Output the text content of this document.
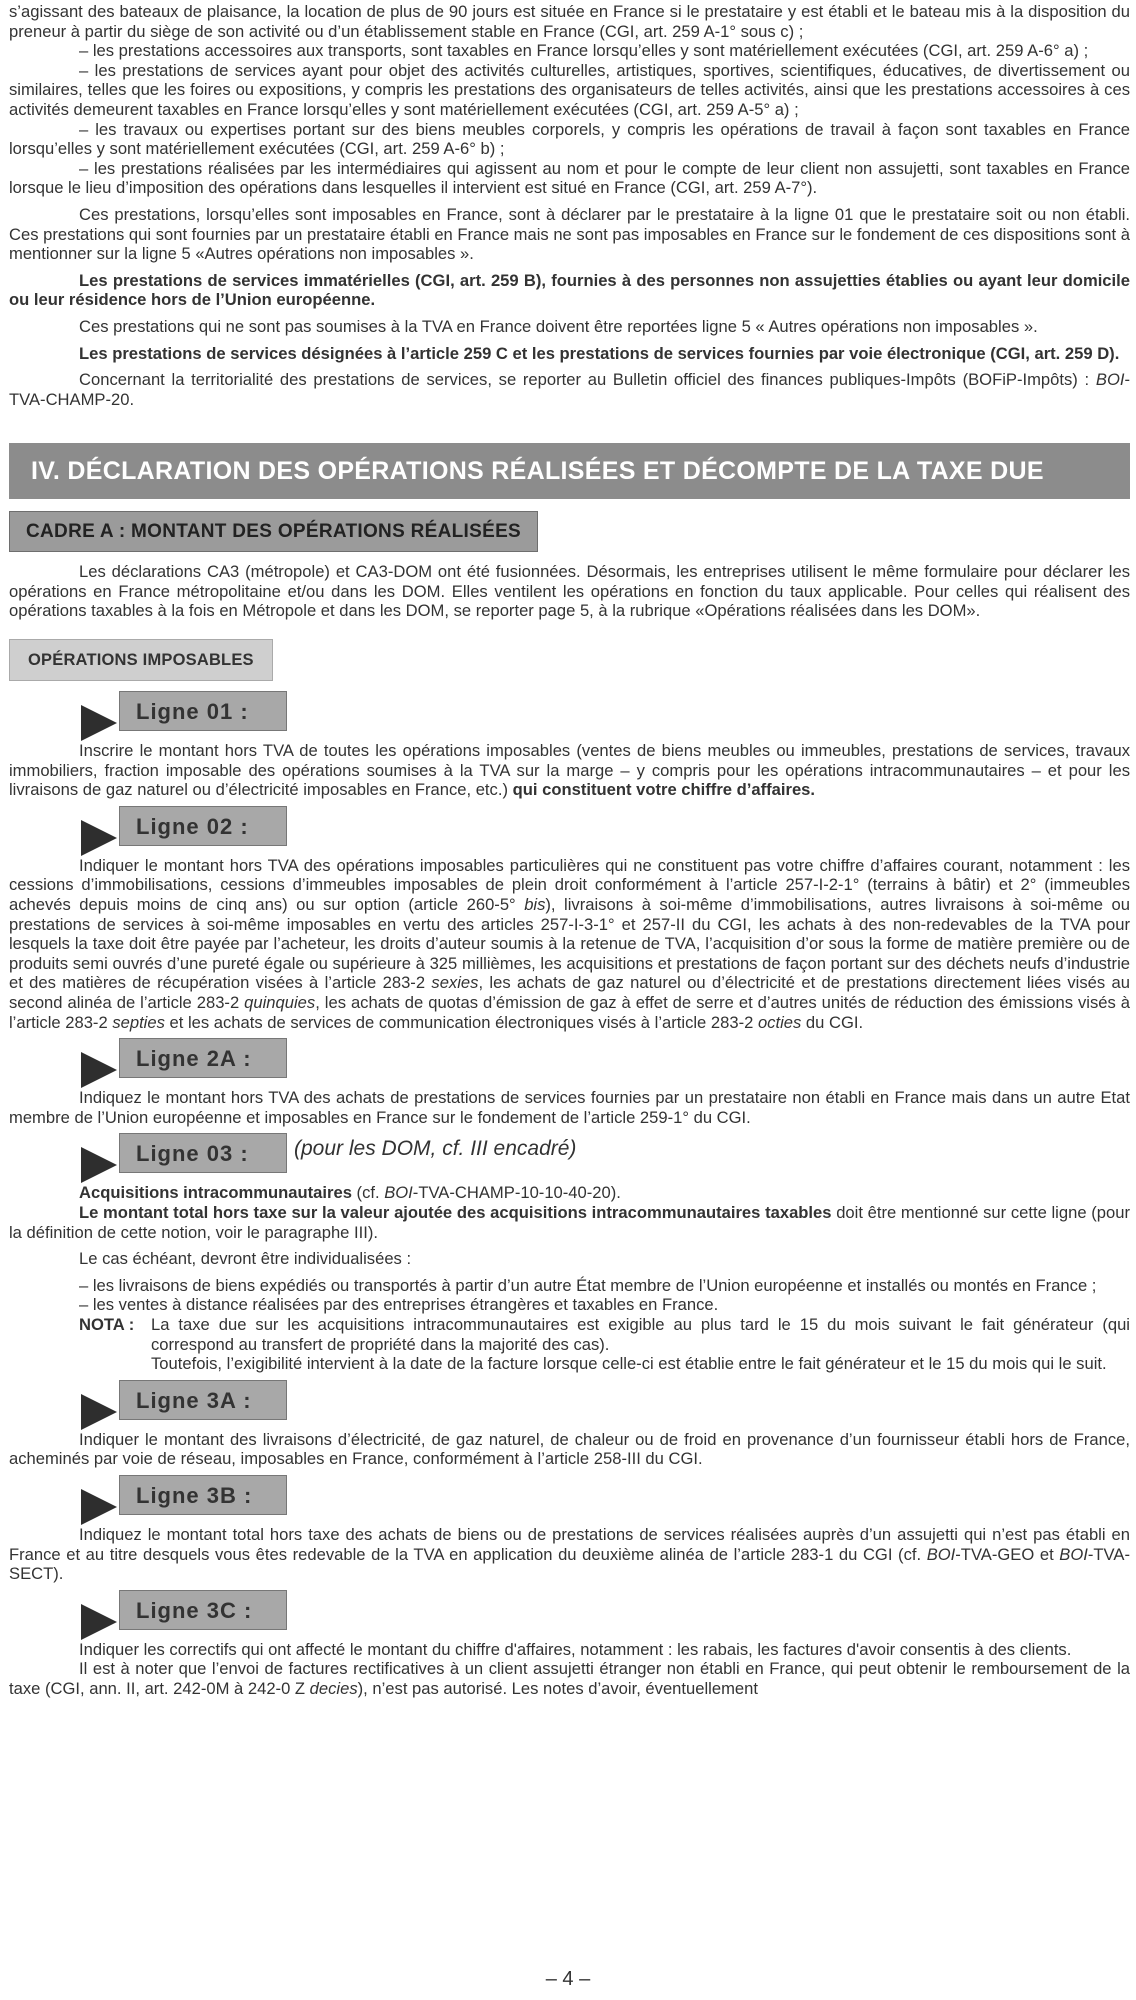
s’agissant des bateaux de plaisance, la location de plus de 90 jours est située en France si le prestataire y est établi et le bateau mis à la disposition du preneur à partir du siège de son activité ou d’un établissement stable en France (CGI, art. 259 A-1° sous c) ;

– les prestations accessoires aux transports, sont taxables en France lorsqu’elles y sont matériellement exécutées (CGI, art. 259 A-6° a) ;

– les prestations de services ayant pour objet des activités culturelles, artistiques, sportives, scientifiques, éducatives, de divertissement ou similaires, telles que les foires ou expositions, y compris les prestations des organisateurs de telles activités, ainsi que les prestations accessoires à ces activités demeurent taxables en France lorsqu’elles y sont matériellement exécutées (CGI, art. 259 A-5° a) ;

– les travaux ou expertises portant sur des biens meubles corporels, y compris les opérations de travail à façon sont taxables en France lorsqu’elles y sont matériellement exécutées (CGI, art. 259 A-6° b) ;

– les prestations réalisées par les intermédiaires qui agissent au nom et pour le compte de leur client non assujetti, sont taxables en France lorsque le lieu d’imposition des opérations dans lesquelles il intervient est situé en France (CGI, art. 259 A-7°).

Ces prestations, lorsqu’elles sont imposables en France, sont à déclarer par le prestataire à la ligne 01 que le prestataire soit ou non établi. Ces prestations qui sont fournies par un prestataire établi en France mais ne sont pas imposables en France sur le fondement de ces dispositions sont à mentionner sur la ligne 5 «Autres opérations non imposables ».

Les prestations de services immatérielles (CGI, art. 259 B), fournies à des personnes non assujetties établies ou ayant leur domicile ou leur résidence hors de l’Union européenne.

Ces prestations qui ne sont pas soumises à la TVA en France doivent être reportées ligne 5 « Autres opérations non imposables ».

Les prestations de services désignées à l’article 259 C et les prestations de services fournies par voie électronique (CGI, art. 259 D).

Concernant la territorialité des prestations de services, se reporter au Bulletin officiel des finances publiques-Impôts (BOFiP-Impôts) : BOI-TVA-CHAMP-20.

IV. DÉCLARATION DES OPÉRATIONS RÉALISÉES ET DÉCOMPTE DE LA TAXE DUE
CADRE A : MONTANT DES OPÉRATIONS RÉALISÉES

Les déclarations CA3 (métropole) et CA3-DOM ont été fusionnées. Désormais, les entreprises utilisent le même formulaire pour déclarer les opérations en France métropolitaine et/ou dans les DOM. Elles ventilent les opérations en fonction du taux applicable. Pour celles qui réalisent des opérations taxables à la fois en Métropole et dans les DOM, se reporter page 5, à la rubrique «Opérations réalisées dans les DOM».

OPÉRATIONS IMPOSABLES
Ligne 01 :

Inscrire le montant hors TVA de toutes les opérations imposables (ventes de biens meubles ou immeubles, prestations de services, travaux immobiliers, fraction imposable des opérations soumises à la TVA sur la marge – y compris pour les opérations intracommunautaires – et pour les livraisons de gaz naturel ou d’électricité imposables en France, etc.) qui constituent votre chiffre d’affaires.

Ligne 02 :

Indiquer le montant hors TVA des opérations imposables particulières qui ne constituent pas votre chiffre d’affaires courant, notamment : les cessions d’immobilisations, cessions d’immeubles imposables de plein droit conformément à l’article 257-I-2-1° (terrains à bâtir) et 2° (immeubles achevés depuis moins de cinq ans) ou sur option (article 260-5° bis), livraisons à soi-même d’immobilisations, autres livraisons à soi-même ou prestations de services à soi-même imposables en vertu des articles 257-I-3-1° et 257-II du CGI, les achats à des non-redevables de la TVA pour lesquels la taxe doit être payée par l’acheteur, les droits d’auteur soumis à la retenue de TVA, l’acquisition d’or sous la forme de matière première ou de produits semi ouvrés d’une pureté égale ou supérieure à 325 millièmes, les acquisitions et prestations de façon portant sur des déchets neufs d’industrie et des matières de récupération visées à l’article 283-2 sexies, les achats de gaz naturel ou d’électricité et de prestations directement liées visés au second alinéa de l’article 283-2 quinquies, les achats de quotas d’émission de gaz à effet de serre et d’autres unités de réduction des émissions visés à l’article 283-2 septies et les achats de services de communication électroniques visés à l’article 283-2 octies du CGI.

Ligne 2A :

Indiquez le montant hors TVA des achats de prestations de services fournies par un prestataire non établi en France mais dans un autre Etat membre de l’Union européenne et imposables en France sur le fondement de l’article 259-1° du CGI.

Ligne 03 :	(pour les DOM, cf. III encadré)

Acquisitions intracommunautaires (cf. BOI-TVA-CHAMP-10-10-40-20).

Le montant total hors taxe sur la valeur ajoutée des acquisitions intracommunautaires taxables doit être mentionné sur cette ligne (pour la définition de cette notion, voir le paragraphe III).

Le cas échéant, devront être individualisées :

– les livraisons de biens expédiés ou transportés à partir d’un autre État membre de l’Union européenne et installés ou montés en France ;

– les ventes à distance réalisées par des entreprises étrangères et taxables en France.

NOTA :	La taxe due sur les acquisitions intracommunautaires est exigible au plus tard le 15 du mois suivant le fait générateur (qui correspond au transfert de propriété dans la majorité des cas).
Toutefois, l’exigibilité intervient à la date de la facture lorsque celle-ci est établie entre le fait générateur et le 15 du mois qui le suit.
Ligne 3A :

Indiquer le montant des livraisons d’électricité, de gaz naturel, de chaleur ou de froid en provenance d’un fournisseur établi hors de France, acheminés par voie de réseau, imposables en France, conformément à l’article 258-III du CGI.

Ligne 3B :

Indiquez le montant total hors taxe des achats de biens ou de prestations de services réalisées auprès d’un assujetti qui n’est pas établi en France et au titre desquels vous êtes redevable de la TVA en application du deuxième alinéa de l’article 283-1 du CGI (cf. BOI-TVA-GEO et BOI-TVA-SECT).

Ligne 3C :

Indiquer les correctifs qui ont affecté le montant du chiffre d'affaires, notamment : les rabais, les factures d'avoir consentis à des clients.

Il est à noter que l’envoi de factures rectificatives à un client assujetti étranger non établi en France, qui peut obtenir le remboursement de la taxe (CGI, ann. II, art. 242-0M à 242-0 Z decies), n’est pas autorisé. Les notes d’avoir, éventuellement

– 4 –
